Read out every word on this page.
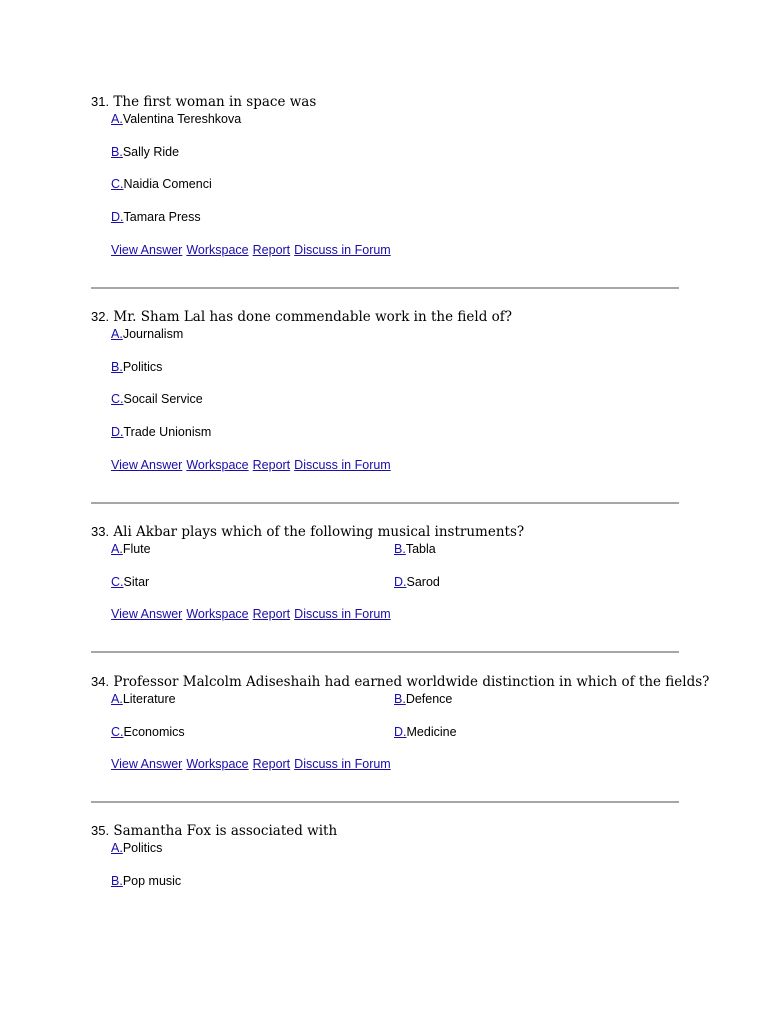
31. The first woman in space was
A.Valentina Tereshkova
B.Sally Ride
C.Naidia Comenci
D.Tamara Press
View Answer Workspace Report Discuss in Forum
32. Mr. Sham Lal has done commendable work in the field of?
A.Journalism
B.Politics
C.Socail Service
D.Trade Unionism
View Answer Workspace Report Discuss in Forum
33. Ali Akbar plays which of the following musical instruments?
A.Flute	B.Tabla
C.Sitar	D.Sarod
View Answer Workspace Report Discuss in Forum
34. Professor Malcolm Adiseshaih had earned worldwide distinction in which of the fields?
A.Literature	B.Defence
C.Economics	D.Medicine
View Answer Workspace Report Discuss in Forum
35. Samantha Fox is associated with
A.Politics
B.Pop music
